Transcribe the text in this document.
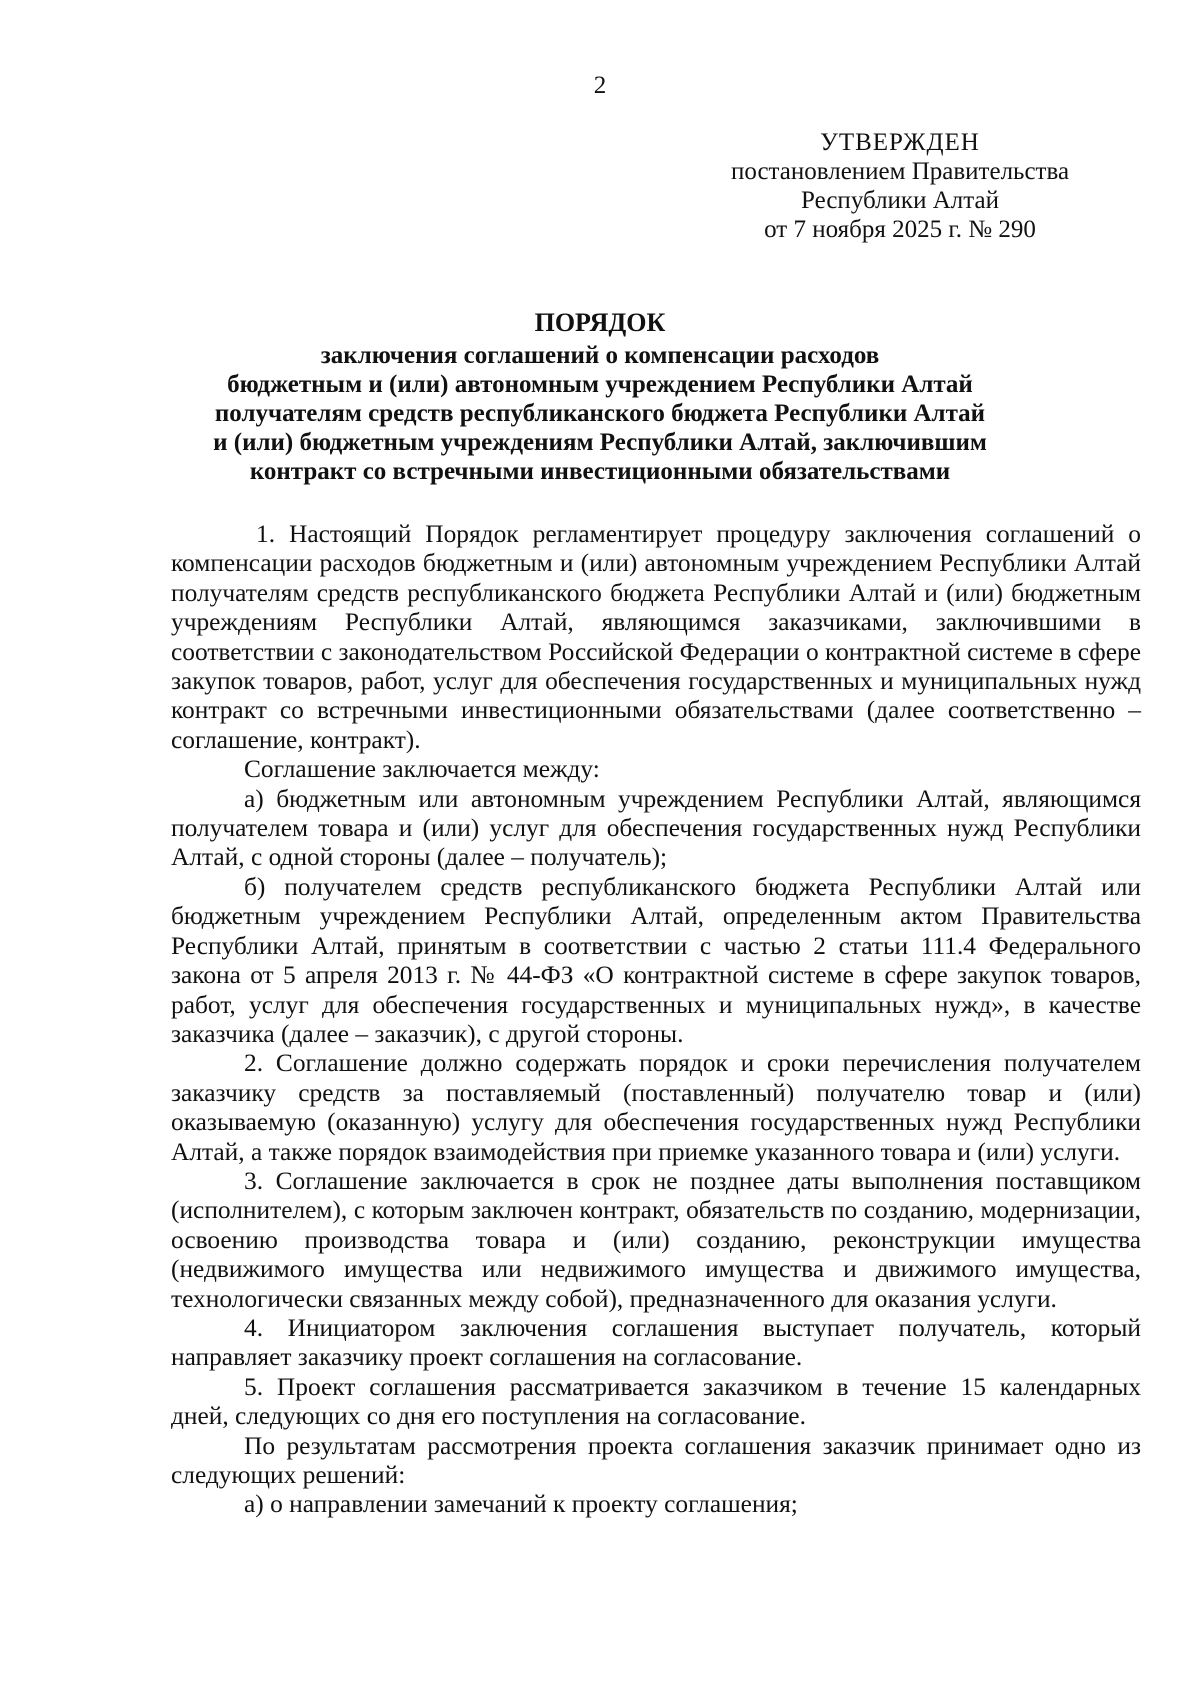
2
УТВЕРЖДЕН
постановлением Правительства
Республики Алтай
от 7 ноября 2025 г. № 290
ПОРЯДОК
заключения соглашений о компенсации расходов
бюджетным и (или) автономным учреждением Республики Алтай
получателям средств республиканского бюджета Республики Алтай
и (или) бюджетным учреждениям Республики Алтай, заключившим
контракт со встречными инвестиционными обязательствами

1. Настоящий Порядок регламентирует процедуру заключения соглашений о компенсации расходов бюджетным и (или) автономным учреждением Республики Алтай получателям средств республиканского бюджета Республики Алтай и (или) бюджетным учреждениям Республики Алтай, являющимся заказчиками, заключившими в соответствии с законодательством Российской Федерации о контрактной системе в сфере закупок товаров, работ, услуг для обеспечения государственных и муниципальных нужд контракт со встречными инвестиционными обязательствами (далее соответственно – соглашение, контракт).

Соглашение заключается между:

а) бюджетным или автономным учреждением Республики Алтай, являющимся получателем товара и (или) услуг для обеспечения государственных нужд Республики Алтай, с одной стороны (далее – получатель);

б) получателем средств республиканского бюджета Республики Алтай или бюджетным учреждением Республики Алтай, определенным актом Правительства Республики Алтай, принятым в соответствии с частью 2 статьи 111.4 Федерального закона от 5 апреля 2013 г. № 44-ФЗ «О контрактной системе в сфере закупок товаров, работ, услуг для обеспечения государственных и муниципальных нужд», в качестве заказчика (далее – заказчик), с другой стороны.

2. Соглашение должно содержать порядок и сроки перечисления получателем заказчику средств за поставляемый (поставленный) получателю товар и (или) оказываемую (оказанную) услугу для обеспечения государственных нужд Республики Алтай, а также порядок взаимодействия при приемке указанного товара и (или) услуги.

3. Соглашение заключается в срок не позднее даты выполнения поставщиком (исполнителем), с которым заключен контракт, обязательств по созданию, модернизации, освоению производства товара и (или) созданию, реконструкции имущества (недвижимого имущества или недвижимого имущества и движимого имущества, технологически связанных между собой), предназначенного для оказания услуги.

4. Инициатором заключения соглашения выступает получатель, который направляет заказчику проект соглашения на согласование.

5. Проект соглашения рассматривается заказчиком в течение 15 календарных дней, следующих со дня его поступления на согласование.

По результатам рассмотрения проекта соглашения заказчик принимает одно из следующих решений:

а) о направлении замечаний к проекту соглашения;
